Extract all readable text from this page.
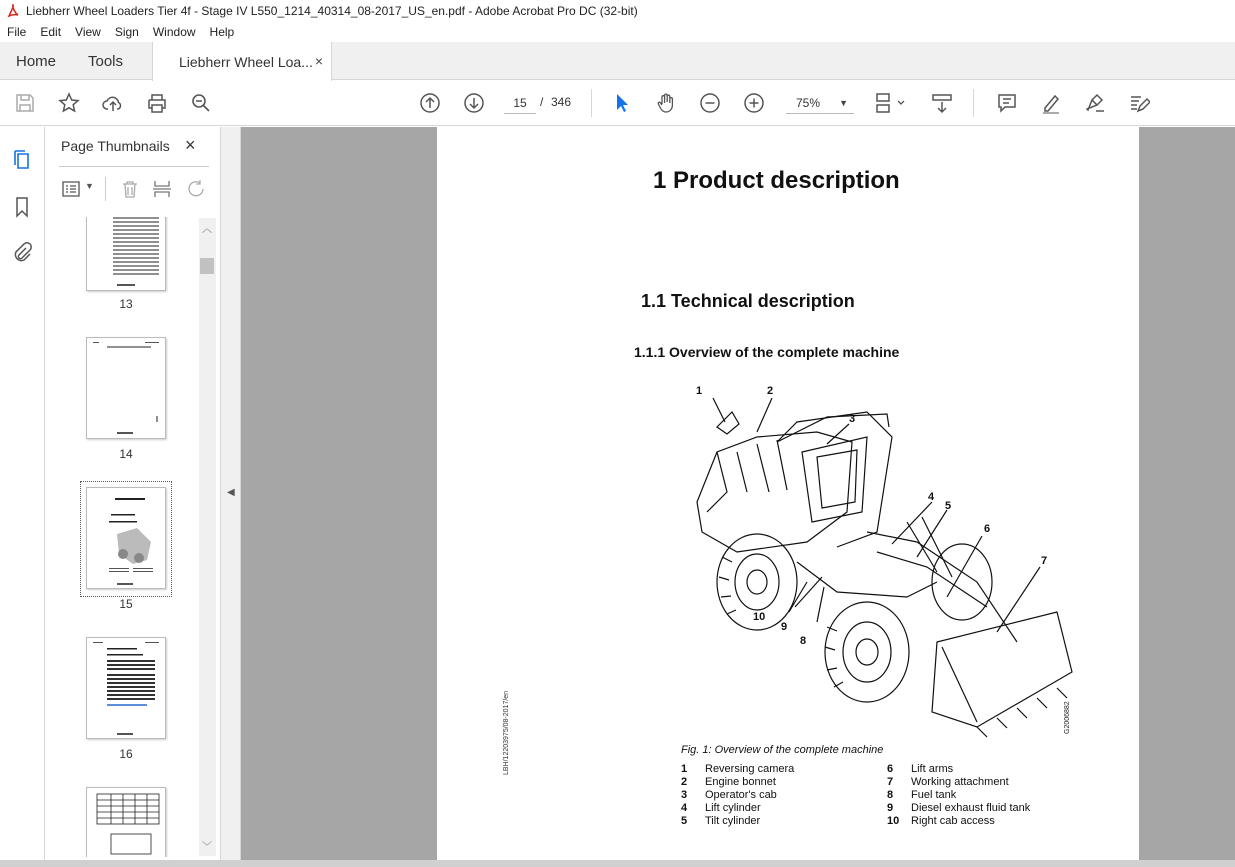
Liebherr Wheel Loaders Tier 4f - Stage IV L550_1214_40314_08-2017_US_en.pdf - Adobe Acrobat Pro DC (32-bit)
File	Edit	View	Sign	Window	Help
Home Tools	Liebherr Wheel Loa... ×
15
/ 346	75% ▼
Page Thumbnails ×
▼
13
14
15
16
︿
﹀
◀
1 Product description
1.1 Technical description
1.1.1 Overview of the complete machine
1	2
3
4
5
6
7
8
9
10
G2006882
Fig. 1: Overview of the complete machine
1	Reversing camera
2	Engine bonnet
3	Operator's cab
4	Lift cylinder
5	Tilt cylinder
6	Lift arms
7	Working attachment
8	Fuel tank
9	Diesel exhaust fluid tank
10	Right cab access
LBH/12203975/08-2017/en
